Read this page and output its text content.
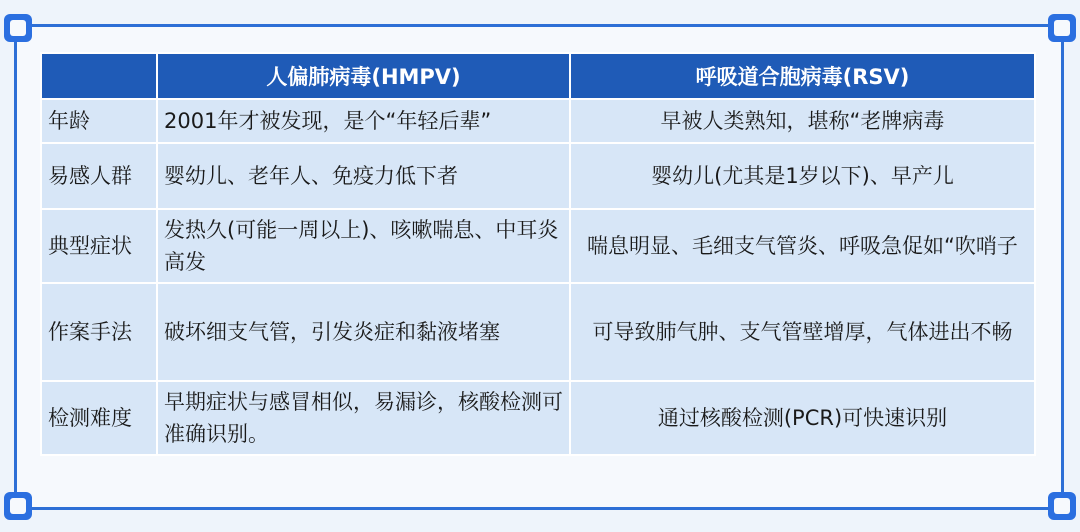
	人偏肺病毒(HMPV)	呼吸道合胞病毒(RSV)
年龄	2001年才被发现，是个“年轻后辈”	早被人类熟知，堪称“老牌病毒
易感人群	婴幼儿、老年人、免疫力低下者	婴幼儿(尤其是1岁以下)、早产儿
典型症状	发热久(可能一周以上)、咳嗽喘息、中耳炎高发	喘息明显、毛细支气管炎、呼吸急促如“吹哨子
作案手法	破坏细支气管，引发炎症和黏液堵塞	可导致肺气肿、支气管壁增厚，气体进出不畅
检测难度	早期症状与感冒相似，易漏诊，核酸检测可准确识别。	通过核酸检测(PCR)可快速识别
